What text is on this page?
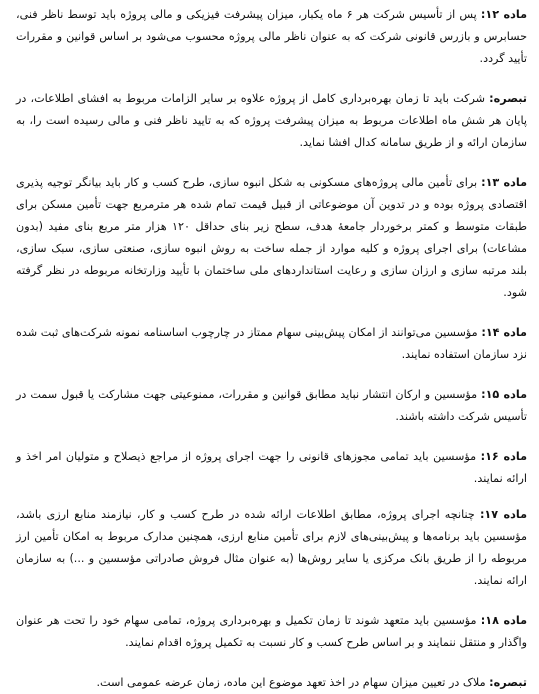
ماده ۱۲: پس از تأسیس شرکت هر ۶ ماه یکبار، میزان پیشرفت فیزیکی و مالی پروژه باید توسط ناظر فنی، حسابرس و بازرس قانونی شرکت که به عنوان ناظر مالی پروژه محسوب می‌شود بر اساس قوانین و مقررات تأیید گردد.

تبصره: شرکت باید تا زمان بهره‌برداری کامل از پروژه علاوه بر سایر الزامات مربوط به افشای اطلاعات، در پایان هر شش ماه اطلاعات مربوط به میزان پیشرفت پروژه که به تایید ناظر فنی و مالی رسیده است را، به سازمان ارائه و از طریق سامانه کدال افشا نماید.

ماده ۱۳: برای تأمین مالی پروژه‌های مسکونی به شکل انبوه سازی، طرح کسب و کار باید بیانگر توجیه پذیری اقتصادی پروژه بوده و در تدوین آن موضوعاتی از قبیل قیمت تمام شده هر مترمربع جهت تأمین مسکن برای طبقات متوسط و کمتر برخوردار جامعهٔ هدف، سطح زیر بنای حداقل ۱۲۰ هزار متر مربع بنای مفید (بدون مشاعات) برای اجرای پروژه و کلیه موارد از جمله ساخت به روش انبوه سازی، صنعتی سازی، سبک سازی، بلند مرتبه سازی و ارزان سازی و رعایت استانداردهای ملی ساختمان با تأیید وزارتخانه مربوطه در نظر گرفته شود.

ماده ۱۴: مؤسسین می‌توانند از امکان پیش‌بینی سهام ممتاز در چارچوب اساسنامه نمونه شرکت‌های ثبت شده نزد سازمان استفاده نمایند.

ماده ۱۵: مؤسسین و ارکان انتشار نباید مطابق قوانین و مقررات، ممنوعیتی جهت مشارکت یا قبول سمت در تأسیس شرکت داشته باشند.

ماده ۱۶: مؤسسین باید تمامی مجوزهای قانونی را جهت اجرای پروژه از مراجع ذیصلاح و متولیان امر اخذ و ارائه نمایند.

ماده ۱۷: چنانچه اجرای پروژه، مطابق اطلاعات ارائه شده در طرح کسب و کار، نیازمند منابع ارزی باشد، مؤسسین باید برنامه‌ها و پیش‌بینی‌های لازم برای تأمین منابع ارزی، همچنین مدارک مربوط به امکان تأمین ارز مربوطه را از طریق بانک مرکزی یا سایر روش‌ها (به عنوان مثال فروش صادراتی مؤسسین و ...) به سازمان ارائه نمایند.

ماده ۱۸: مؤسسین باید متعهد شوند تا زمان تکمیل و بهره‌برداری پروژه، تمامی سهام خود را تحت هر عنوان واگذار و منتقل ننمایند و بر اساس طرح کسب و کار نسبت به تکمیل پروژه اقدام نمایند.

تبصره: ملاک در تعیین میزان سهام در اخذ تعهد موضوع این ماده، زمان عرضه عمومی است.
